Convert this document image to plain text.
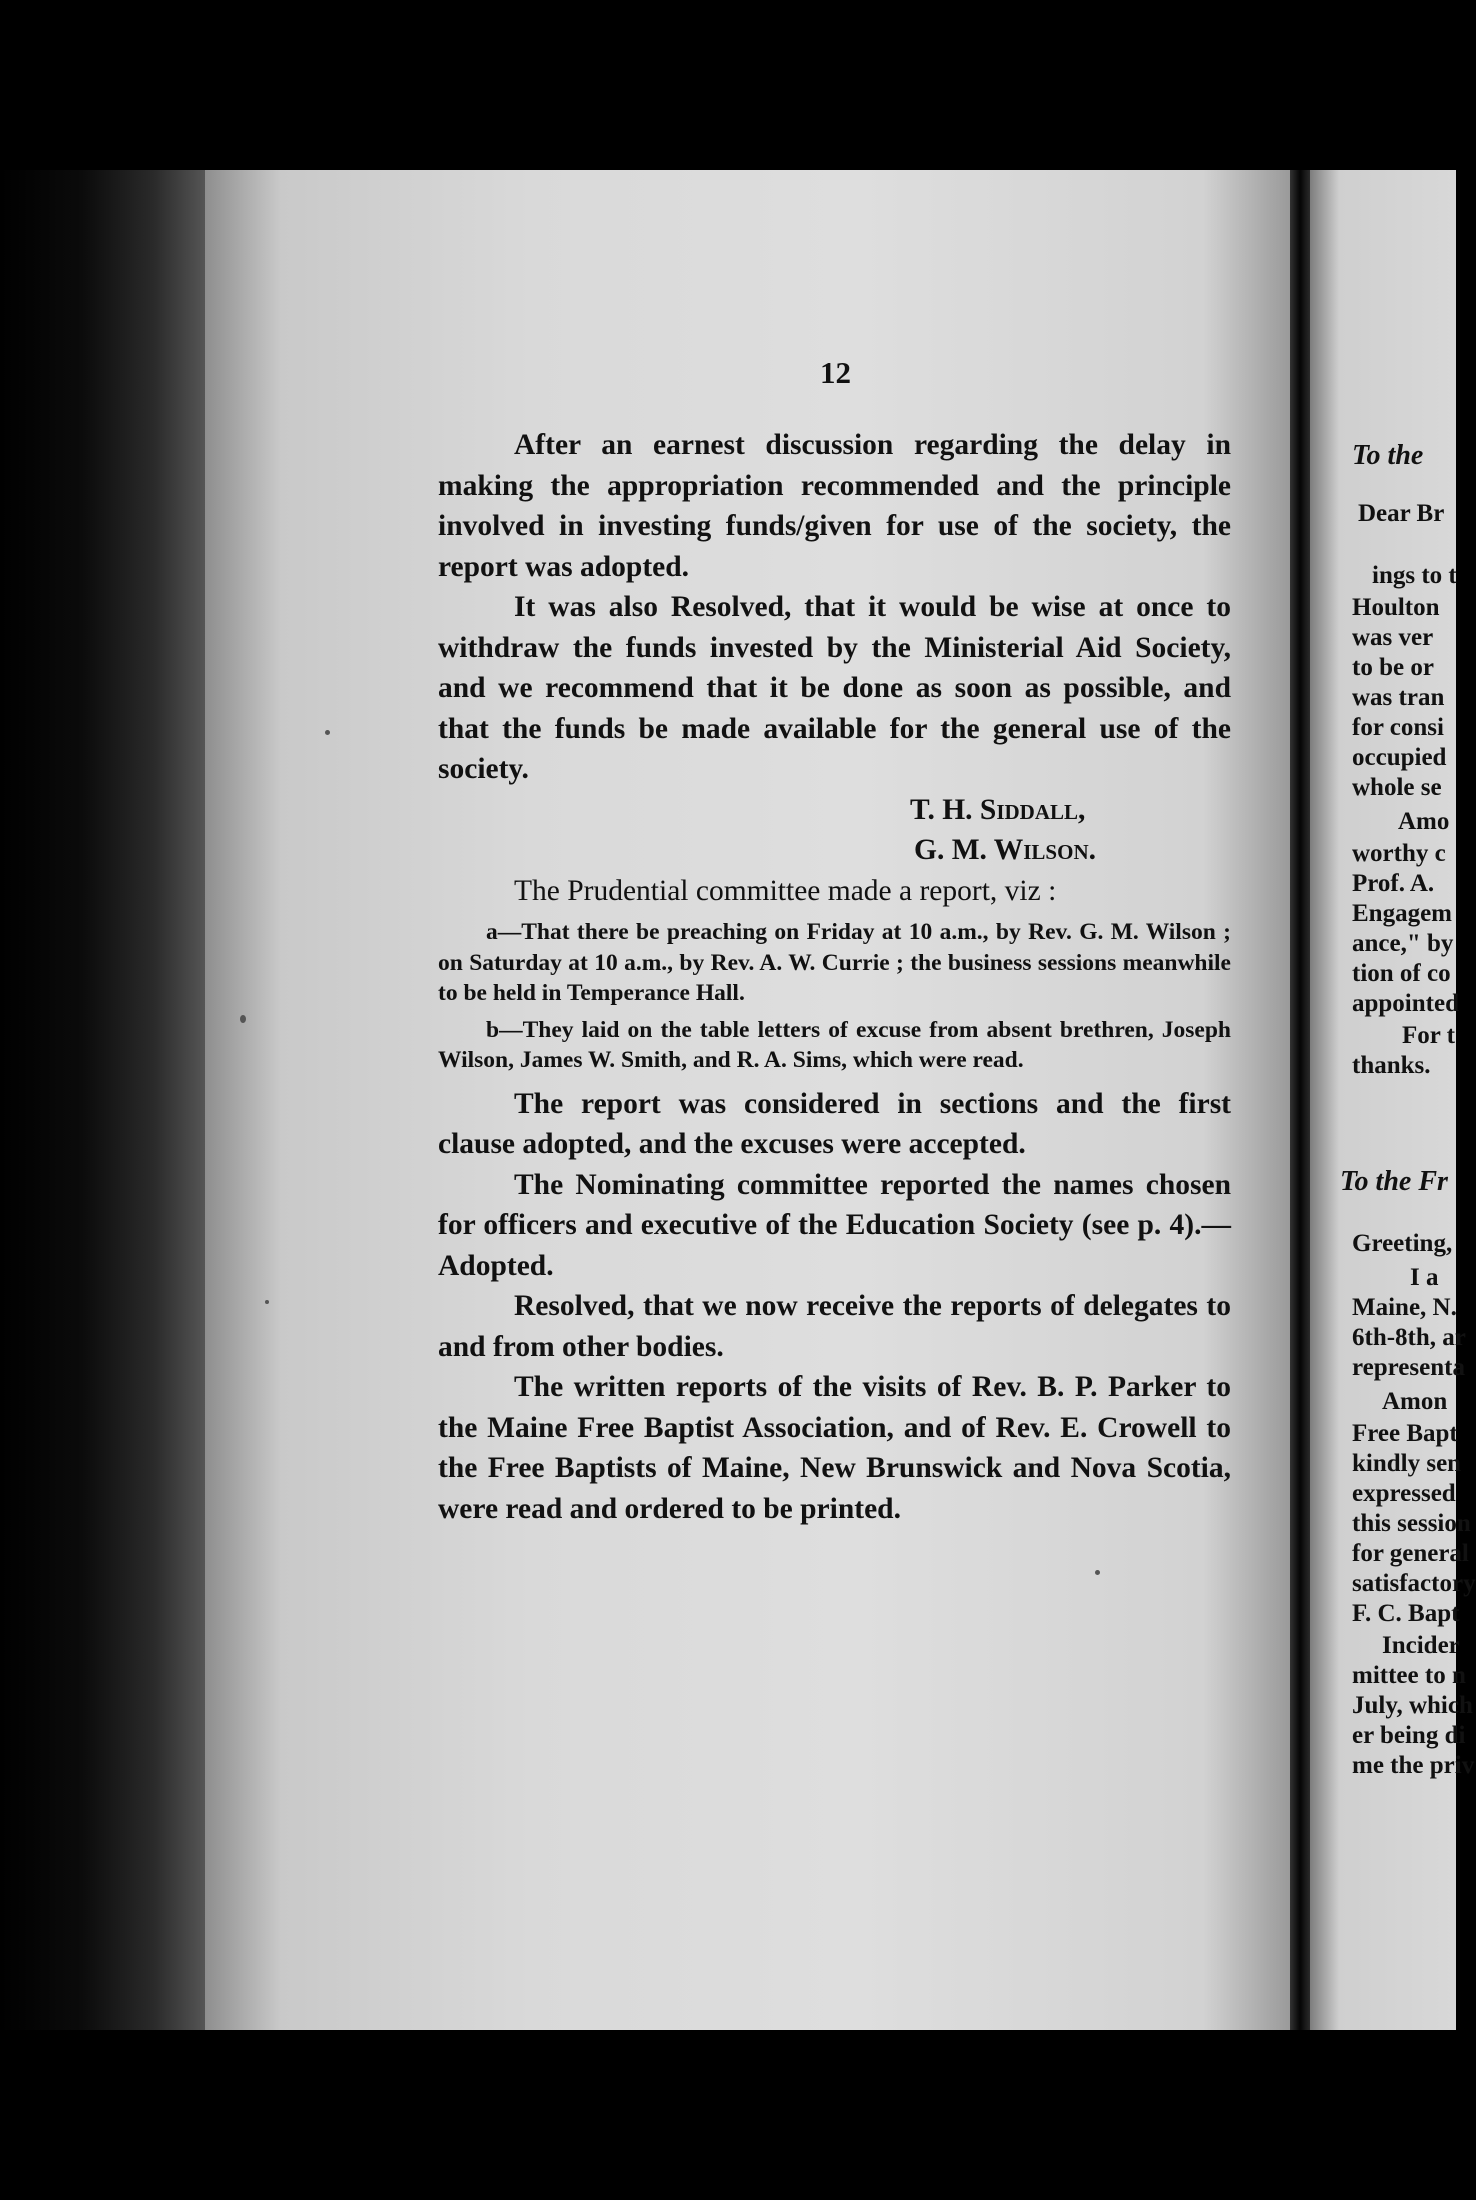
12

After an earnest discussion regarding the delay in making the appropriation recommended and the principle involved in investing funds/given for use of the society, the report was adopted.

It was also Resolved, that it would be wise at once to withdraw the funds invested by the Ministerial Aid Society, and we recommend that it be done as soon as possible, and that the funds be made available for the general use of the society.

T. H. Siddall,

G. M. Wilson.

The Prudential committee made a report, viz :

a—That there be preaching on Friday at 10 a.m., by Rev. G. M. Wilson ; on Saturday at 10 a.m., by Rev. A. W. Currie ; the business sessions meanwhile to be held in Temperance Hall.

b—They laid on the table letters of excuse from absent brethren, Joseph Wilson, James W. Smith, and R. A. Sims, which were read.

The report was considered in sections and the first clause adopted, and the excuses were accepted.

The Nominating committee reported the names chosen for officers and executive of the Education Society (see p. 4).—Adopted.

Resolved, that we now receive the reports of delegates to and from other bodies.

The written reports of the visits of Rev. B. P. Parker to the Maine Free Baptist Association, and of Rev. E. Crowell to the Free Baptists of Maine, New Brunswick and Nova Scotia, were read and ordered to be printed.

To the
Dear Br
ings to t
Houlton
was ver
to be or
was tran
for consi
occupied
whole se
Amo
worthy c
Prof. A.
Engagem
ance," by
tion of co
appointed
For t
thanks.
To the Fr
Greeting,
I a
Maine, N.
6th-8th, ar
representa
Amon
Free Bapt
kindly sen
expressed
this session
for general
satisfactory
F. C. Bapt
Incider
mittee to n
July, which
er being di
me the priv
